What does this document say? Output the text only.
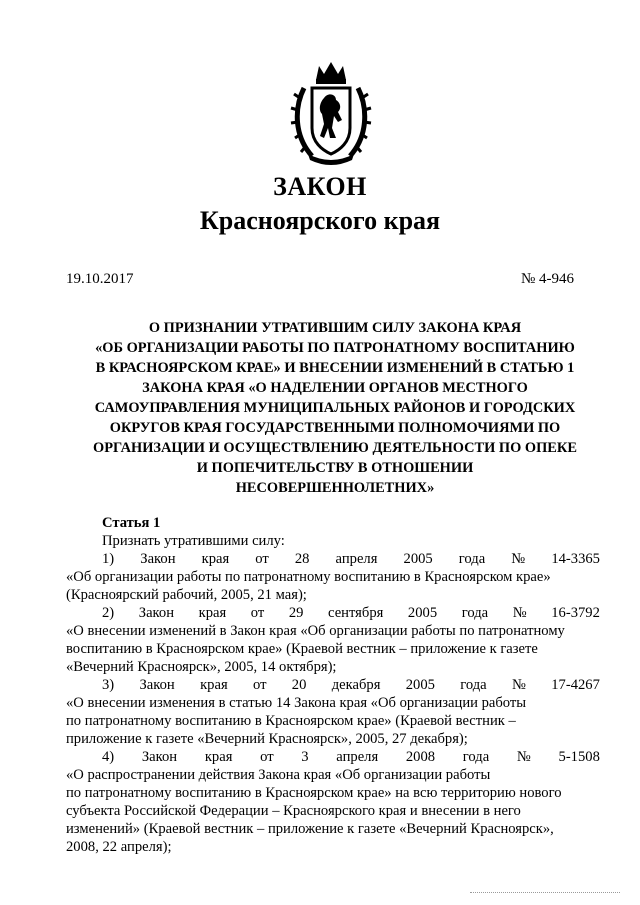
ЗАКОН
Красноярского края
19.10.2017	№ 4-946
О ПРИЗНАНИИ УТРАТИВШИМ СИЛУ ЗАКОНА КРАЯ
«ОБ ОРГАНИЗАЦИИ РАБОТЫ ПО ПАТРОНАТНОМУ ВОСПИТАНИЮ
В КРАСНОЯРСКОМ КРАЕ» И ВНЕСЕНИИ ИЗМЕНЕНИЙ В СТАТЬЮ 1
ЗАКОНА КРАЯ «О НАДЕЛЕНИИ ОРГАНОВ МЕСТНОГО
САМОУПРАВЛЕНИЯ МУНИЦИПАЛЬНЫХ РАЙОНОВ И ГОРОДСКИХ
ОКРУГОВ КРАЯ ГОСУДАРСТВЕННЫМИ ПОЛНОМОЧИЯМИ ПО
ОРГАНИЗАЦИИ И ОСУЩЕСТВЛЕНИЮ ДЕЯТЕЛЬНОСТИ ПО ОПЕКЕ
И ПОПЕЧИТЕЛЬСТВУ В ОТНОШЕНИИ
НЕСОВЕРШЕННОЛЕТНИХ»
Статья 1
Признать утратившими силу:
1) Закон края от 28 апреля 2005 года № 14-3365
«Об организации работы по патронатному воспитанию в Красноярском крае»
(Красноярский рабочий, 2005, 21 мая);
2) Закон края от 29 сентября 2005 года № 16-3792
«О внесении изменений в Закон края «Об организации работы по патронатному
воспитанию в Красноярском крае» (Краевой вестник – приложение к газете
«Вечерний Красноярск», 2005, 14 октября);
3) Закон края от 20 декабря 2005 года № 17-4267
«О внесении изменения в статью 14 Закона края «Об организации работы
по патронатному воспитанию в Красноярском крае» (Краевой вестник –
приложение к газете «Вечерний Красноярск», 2005, 27 декабря);
4) Закон края от 3 апреля 2008 года № 5-1508
«О распространении действия Закона края «Об организации работы
по патронатному воспитанию в Красноярском крае» на всю территорию нового
субъекта Российской Федерации – Красноярского края и внесении в него
изменений» (Краевой вестник – приложение к газете «Вечерний Красноярск»,
2008, 22 апреля);
